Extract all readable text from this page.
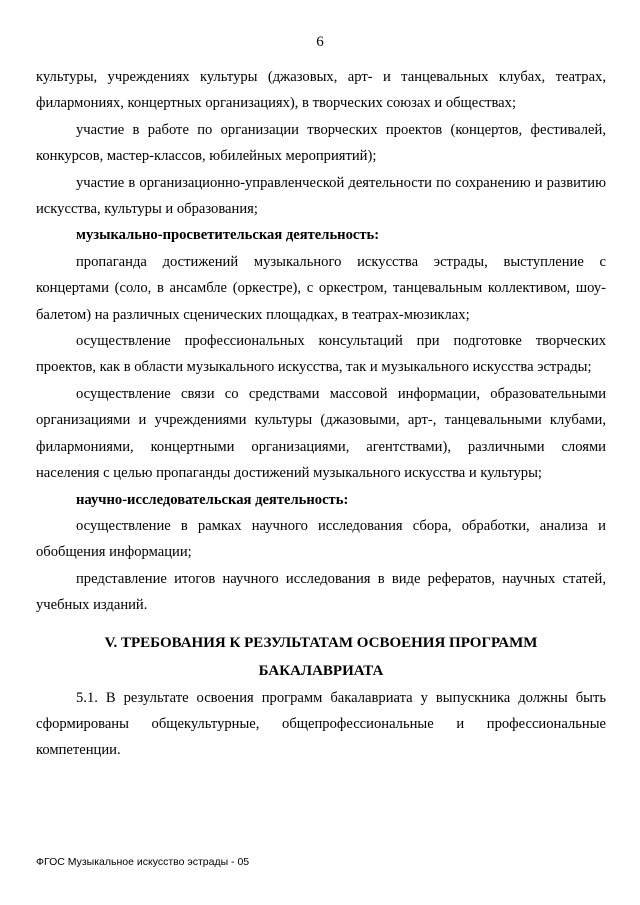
6

культуры, учреждениях культуры (джазовых, арт- и танцевальных клубах, театрах, филармониях, концертных организациях), в творческих союзах и обществах;

участие в работе по организации творческих проектов (концертов, фестивалей, конкурсов, мастер-классов, юбилейных мероприятий);

участие в организационно-управленческой деятельности по сохранению и развитию искусства, культуры и образования;

музыкально-просветительская деятельность:

пропаганда достижений музыкального искусства эстрады, выступление с концертами (соло, в ансамбле (оркестре), с оркестром, танцевальным коллективом, шоу-балетом) на различных сценических площадках, в театрах-мюзиклах;

осуществление профессиональных консультаций при подготовке творческих проектов, как в области музыкального искусства, так и музыкального искусства эстрады;

осуществление связи со средствами массовой информации, образовательными организациями и учреждениями культуры (джазовыми, арт-, танцевальными клубами, филармониями, концертными организациями, агентствами), различными слоями населения с целью пропаганды достижений музыкального искусства и культуры;

научно-исследовательская деятельность:

осуществление в рамках научного исследования сбора, обработки, анализа и обобщения информации;

представление итогов научного исследования в виде рефератов, научных статей, учебных изданий.

V. ТРЕБОВАНИЯ К РЕЗУЛЬТАТАМ ОСВОЕНИЯ ПРОГРАММ
БАКАЛАВРИАТА

5.1. В результате освоения программ бакалавриата у выпускника должны быть сформированы общекультурные, общепрофессиональные и профессиональные компетенции.

ФГОС Музыкальное искусство эстрады - 05
